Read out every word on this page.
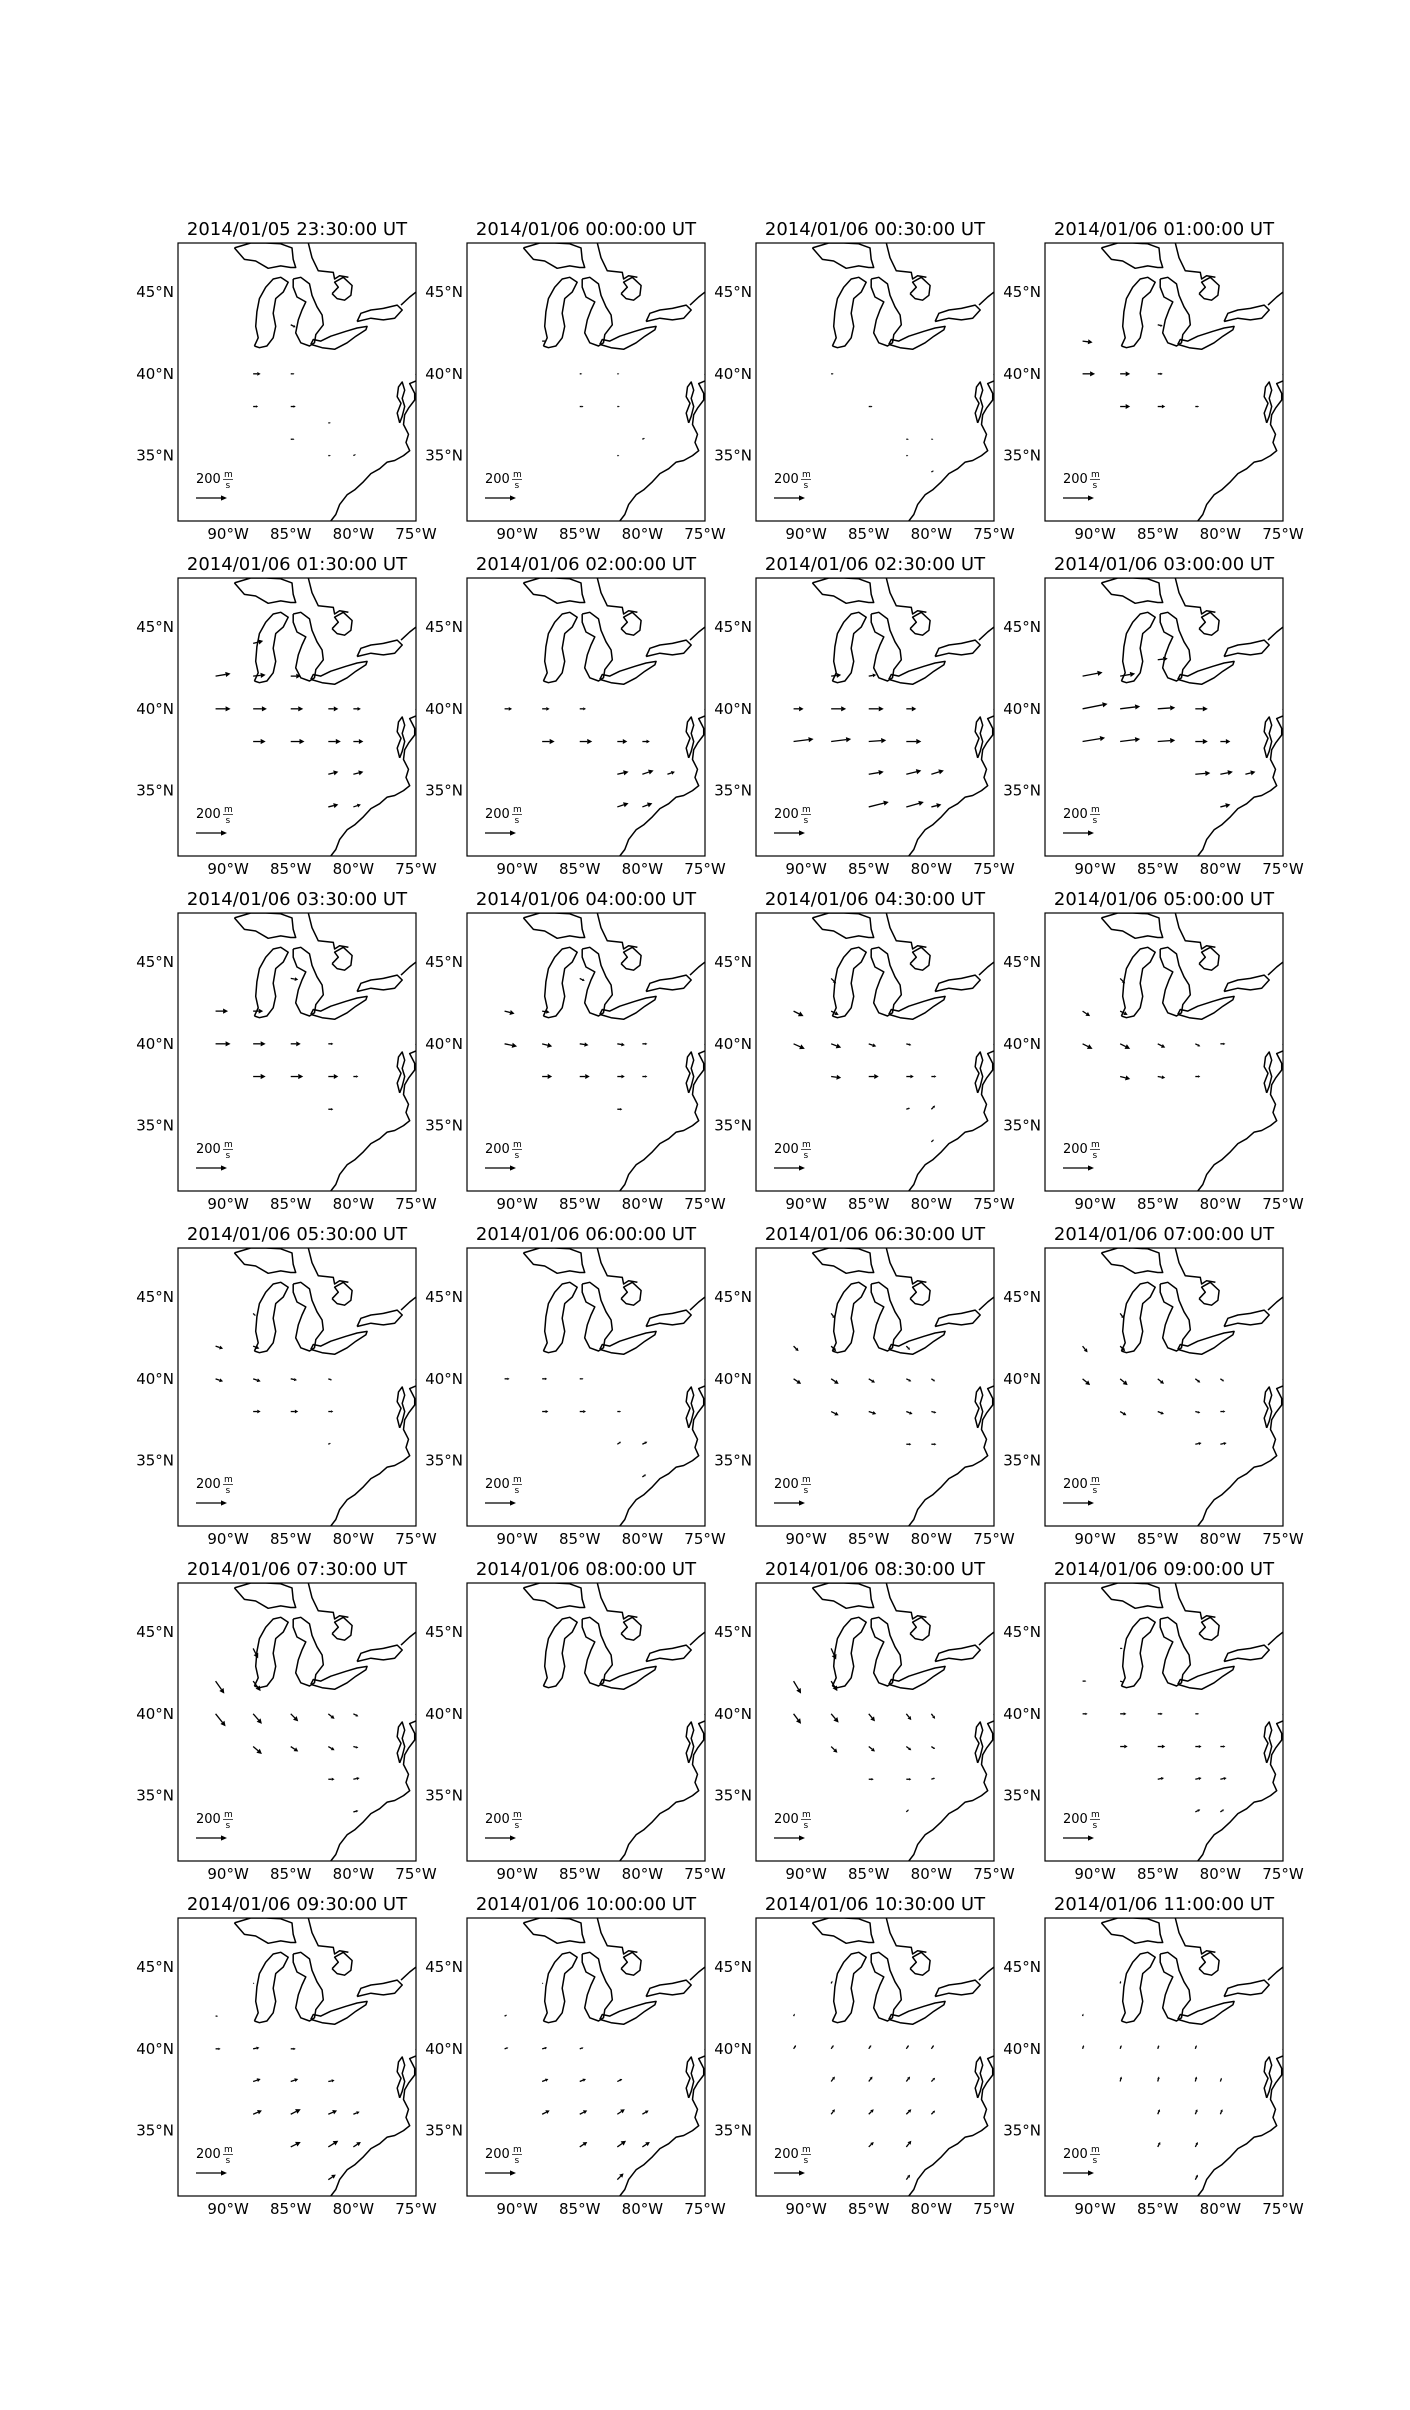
2014/01/05 23:30:00 UT
200 m
s
90°W 85°W 80°W 75°W
45°N
40°N
35°N
2014/01/06 00:00:00 UT
200 m
s
90°W 85°W 80°W 75°W
45°N
40°N
35°N
2014/01/06 00:30:00 UT
200 m
s
90°W 85°W 80°W 75°W
45°N
40°N
35°N
2014/01/06 01:00:00 UT
200 m
s
90°W 85°W 80°W 75°W
45°N
40°N
35°N
2014/01/06 01:30:00 UT
200 m
s
90°W 85°W 80°W 75°W
45°N
40°N
35°N
2014/01/06 02:00:00 UT
200 m
s
90°W 85°W 80°W 75°W
45°N
40°N
35°N
2014/01/06 02:30:00 UT
200 m
s
90°W 85°W 80°W 75°W
45°N
40°N
35°N
2014/01/06 03:00:00 UT
200 m
s
90°W 85°W 80°W 75°W
45°N
40°N
35°N
2014/01/06 03:30:00 UT
200 m
s
90°W 85°W 80°W 75°W
45°N
40°N
35°N
2014/01/06 04:00:00 UT
200 m
s
90°W 85°W 80°W 75°W
45°N
40°N
35°N
2014/01/06 04:30:00 UT
200 m
s
90°W 85°W 80°W 75°W
45°N
40°N
35°N
2014/01/06 05:00:00 UT
200 m
s
90°W 85°W 80°W 75°W
45°N
40°N
35°N
2014/01/06 05:30:00 UT
200 m
s
90°W 85°W 80°W 75°W
45°N
40°N
35°N
2014/01/06 06:00:00 UT
200 m
s
90°W 85°W 80°W 75°W
45°N
40°N
35°N
2014/01/06 06:30:00 UT
200 m
s
90°W 85°W 80°W 75°W
45°N
40°N
35°N
2014/01/06 07:00:00 UT
200 m
s
90°W 85°W 80°W 75°W
45°N
40°N
35°N
2014/01/06 07:30:00 UT
200 m
s
90°W 85°W 80°W 75°W
45°N
40°N
35°N
2014/01/06 08:00:00 UT
200 m
s
90°W 85°W 80°W 75°W
45°N
40°N
35°N
2014/01/06 08:30:00 UT
200 m
s
90°W 85°W 80°W 75°W
45°N
40°N
35°N
2014/01/06 09:00:00 UT
200 m
s
90°W 85°W 80°W 75°W
45°N
40°N
35°N
2014/01/06 09:30:00 UT
200 m
s
90°W 85°W 80°W 75°W
45°N
40°N
35°N
2014/01/06 10:00:00 UT
200 m
s
90°W 85°W 80°W 75°W
45°N
40°N
35°N
2014/01/06 10:30:00 UT
200 m
s
90°W 85°W 80°W 75°W
45°N
40°N
35°N
2014/01/06 11:00:00 UT
200 m
s
90°W 85°W 80°W 75°W
45°N
40°N
35°N
